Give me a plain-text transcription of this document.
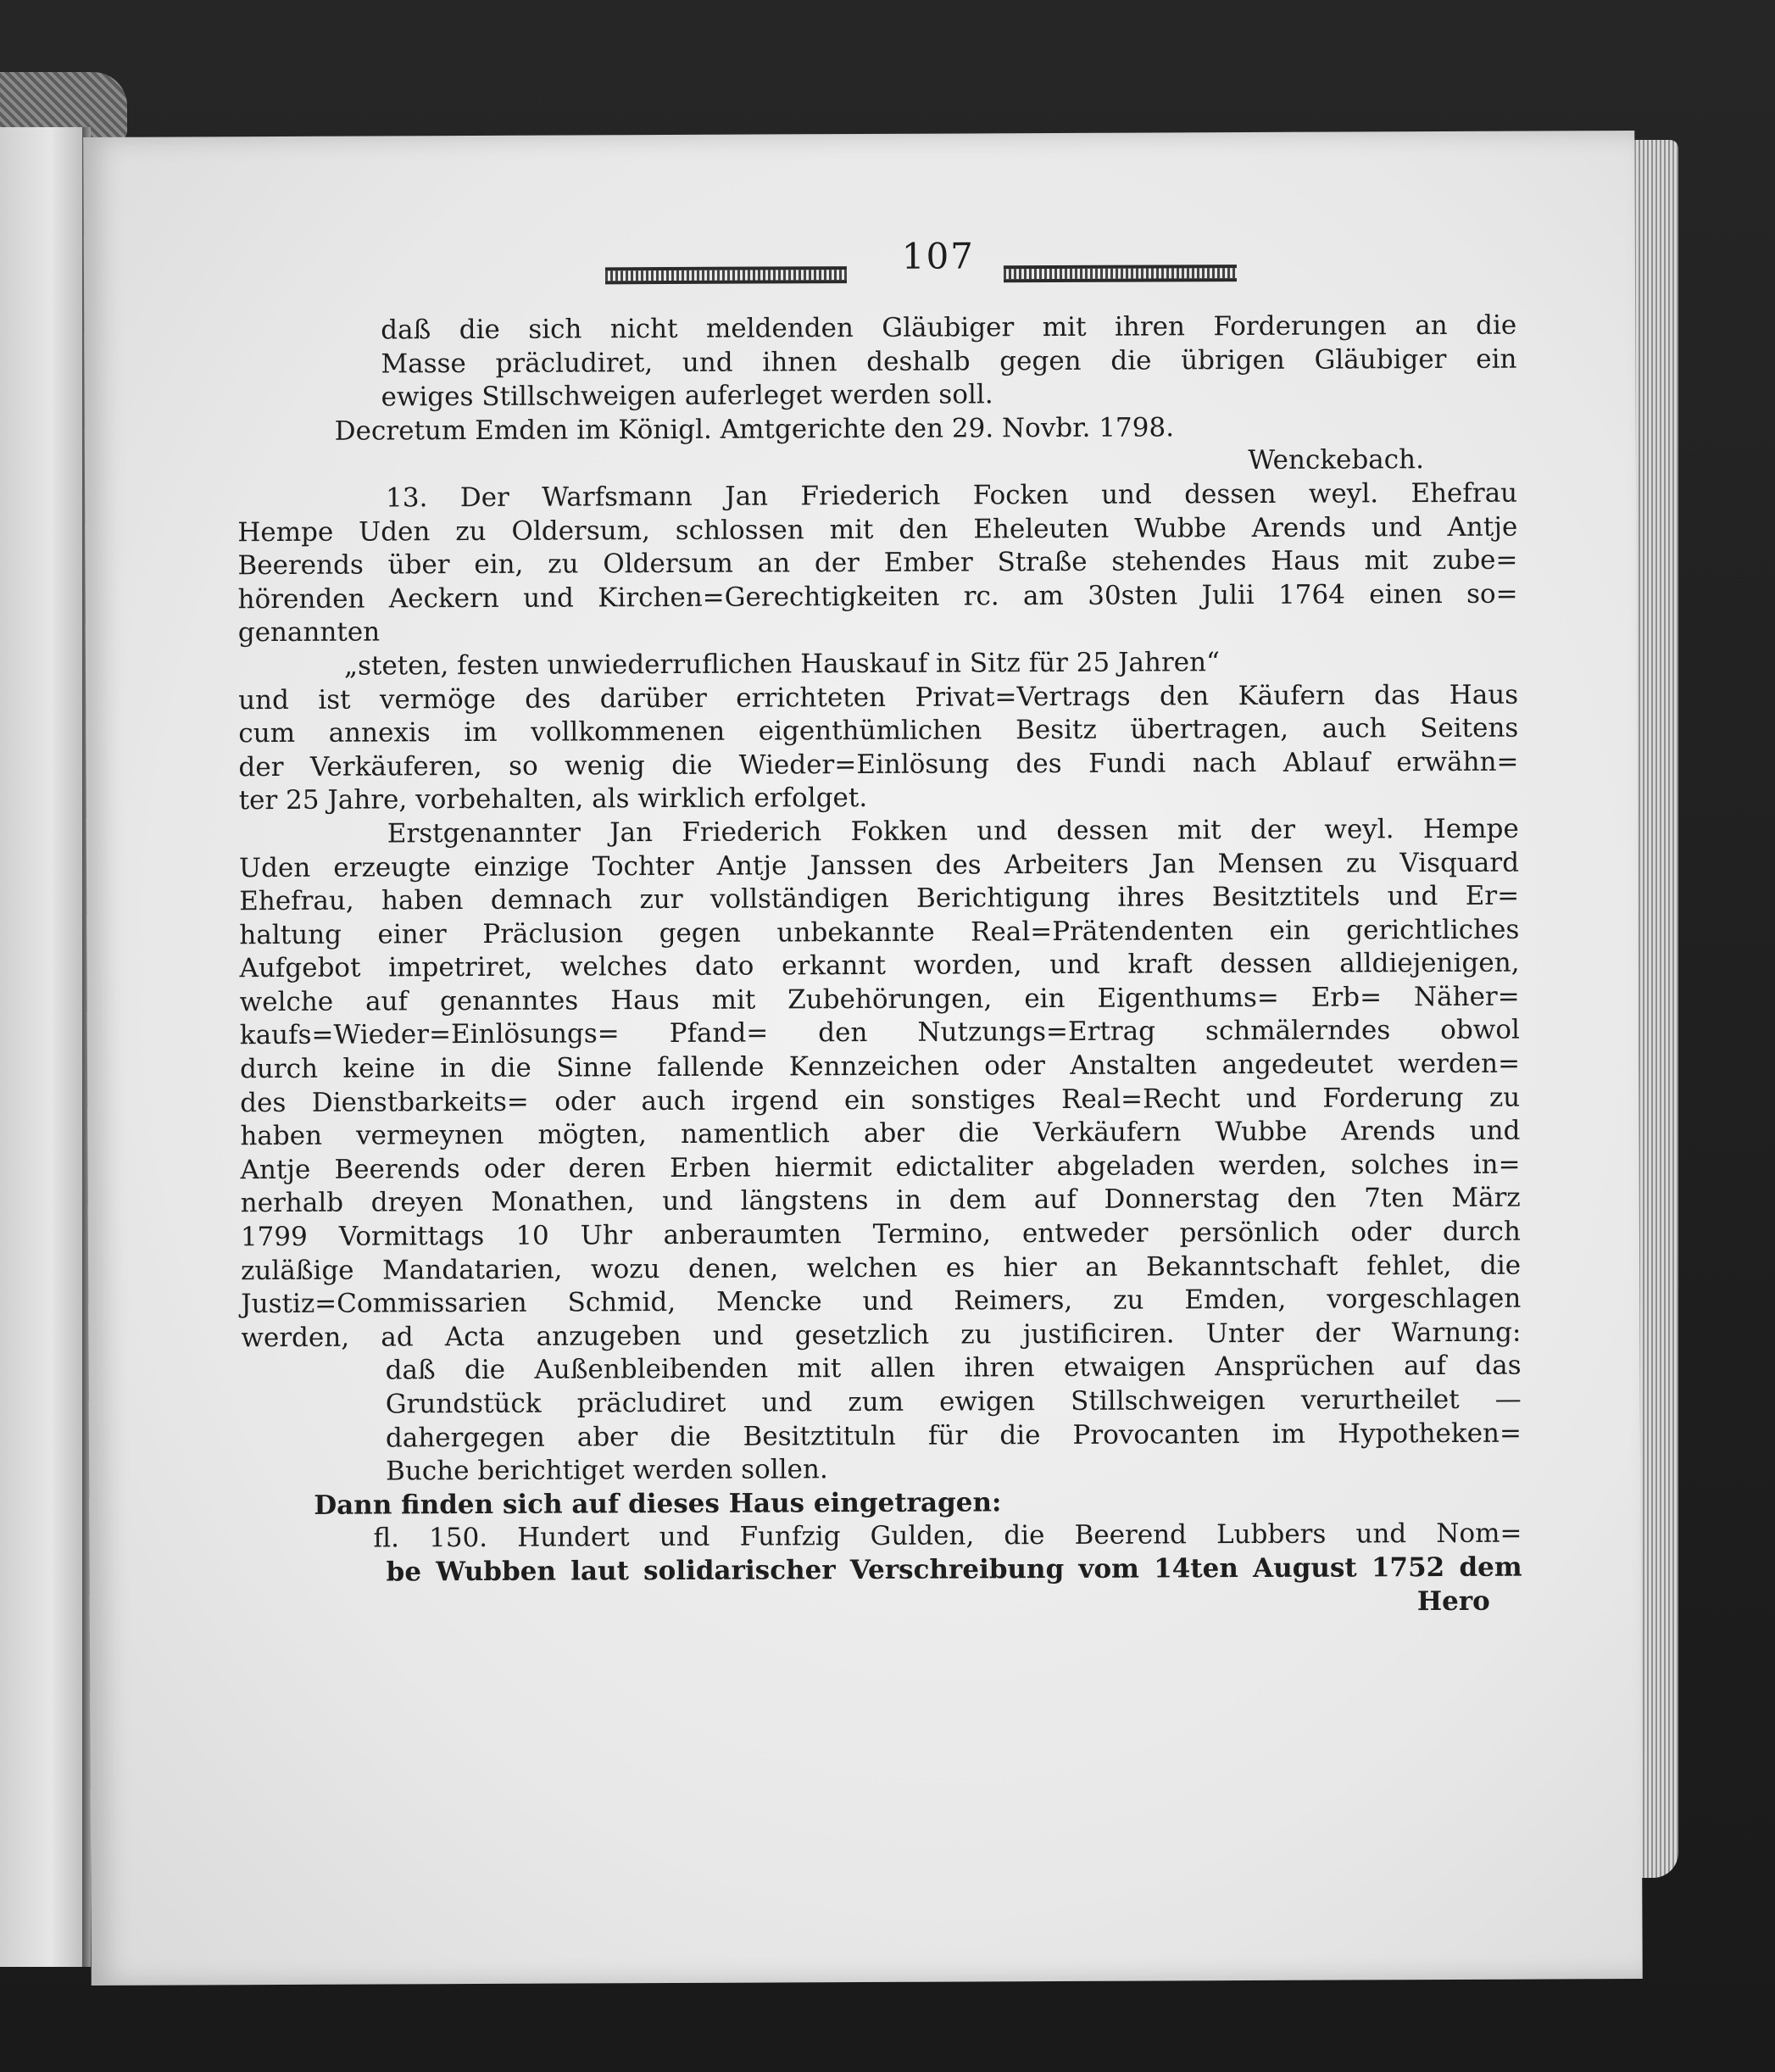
107
daß die sich nicht meldenden Gläubiger mit ihren Forderungen an die
Masse präcludiret, und ihnen deshalb gegen die übrigen Gläubiger ein
ewiges Stillschweigen auferleget werden soll.
Decretum Emden im Königl. Amtgerichte den 29. Novbr. 1798.
Wenckebach.
13. Der Warfsmann Jan Friederich Focken und dessen weyl. Ehefrau
Hempe Uden zu Oldersum, schlossen mit den Eheleuten Wubbe Arends und Antje
Beerends über ein, zu Oldersum an der Ember Straße stehendes Haus mit zube=
hörenden Aeckern und Kirchen=Gerechtigkeiten rc. am 30sten Julii 1764 einen so=
genannten
„steten, festen unwiederruflichen Hauskauf in Sitz für 25 Jahren“
und ist vermöge des darüber errichteten Privat=Vertrags den Käufern das Haus
cum annexis im vollkommenen eigenthümlichen Besitz übertragen, auch Seitens
der Verkäuferen, so wenig die Wieder=Einlösung des Fundi nach Ablauf erwähn=
ter 25 Jahre, vorbehalten, als wirklich erfolget.
Erstgenannter Jan Friederich Fokken und dessen mit der weyl. Hempe
Uden erzeugte einzige Tochter Antje Janssen des Arbeiters Jan Mensen zu Visquard
Ehefrau, haben demnach zur vollständigen Berichtigung ihres Besitztitels und Er=
haltung einer Präclusion gegen unbekannte Real=Prätendenten ein gerichtliches
Aufgebot impetriret, welches dato erkannt worden, und kraft dessen alldiejenigen,
welche auf genanntes Haus mit Zubehörungen, ein Eigenthums= Erb= Näher=
kaufs=Wieder=Einlösungs= Pfand= den Nutzungs=Ertrag schmälerndes obwol
durch keine in die Sinne fallende Kennzeichen oder Anstalten angedeutet werden=
des Dienstbarkeits= oder auch irgend ein sonstiges Real=Recht und Forderung zu
haben vermeynen mögten, namentlich aber die Verkäufern Wubbe Arends und
Antje Beerends oder deren Erben hiermit edictaliter abgeladen werden, solches in=
nerhalb dreyen Monathen, und längstens in dem auf Donnerstag den 7ten März
1799 Vormittags 10 Uhr anberaumten Termino, entweder persönlich oder durch
zuläßige Mandatarien, wozu denen, welchen es hier an Bekanntschaft fehlet, die
Justiz=Commissarien Schmid, Mencke und Reimers, zu Emden, vorgeschlagen
werden, ad Acta anzugeben und gesetzlich zu justificiren. Unter der Warnung:
daß die Außenbleibenden mit allen ihren etwaigen Ansprüchen auf das
Grundstück präcludiret und zum ewigen Stillschweigen verurtheilet —
dahergegen aber die Besitztituln für die Provocanten im Hypotheken=
Buche berichtiget werden sollen.
Dann finden sich auf dieses Haus eingetragen:
fl. 150. Hundert und Funfzig Gulden, die Beerend Lubbers und Nom=
be Wubben laut solidarischer Verschreibung vom 14ten August 1752 dem
Hero
